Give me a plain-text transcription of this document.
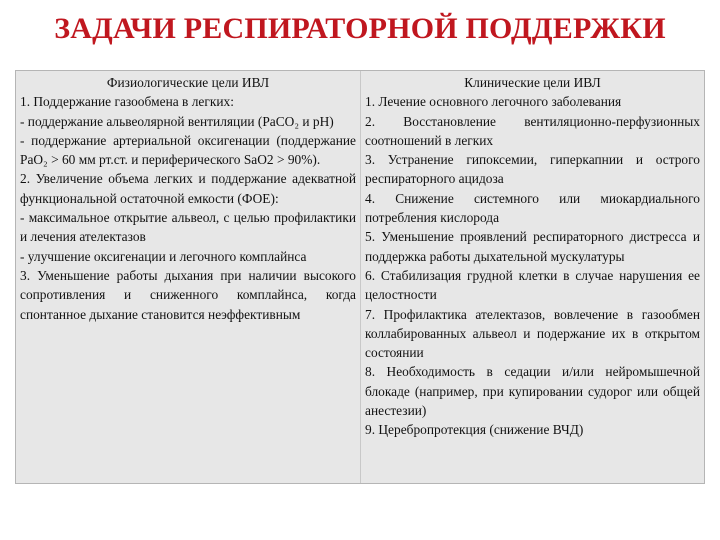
ЗАДАЧИ РЕСПИРАТОРНОЙ ПОДДЕРЖКИ
Физиологические цели ИВЛ

1. Поддержание газообмена в легких:

- поддержание альвеолярной вентиляции (PaCO₂ и pH)

- поддержание артериальной оксигенации (поддержание PaO₂ > 60 мм рт.ст. и периферического SaO2 > 90%).

2. Увеличение объема легких и поддержание адекватной функциональной остаточной емкости (ФОЕ):

- максимальное открытие альвеол, с целью профилактики и лечения ателектазов

- улучшение оксигенации и легочного комплайнса

3. Уменьшение работы дыхания при наличии высокого сопротивления и сниженного комплайнса, когда спонтанное дыхание становится неэффективным

Клинические цели ИВЛ

1. Лечение основного легочного заболевания

2. Восстановление вентиляционно-перфузионных соотношений в легких

3. Устранение гипоксемии, гиперкапнии и острого респираторного ацидоза

4. Снижение системного или миокардиального потребления кислорода

5. Уменьшение проявлений респираторного дистресса и поддержка работы дыхательной мускулатуры

6. Стабилизация грудной клетки в случае нарушения ее целостности

7. Профилактика ателектазов, вовлечение в газообмен коллабированных альвеол и подержание их в открытом состоянии

8. Необходимость в седации и/или нейромышечной блокаде (например, при купировании судорог или общей анестезии)

9. Церебропротекция (снижение ВЧД)
